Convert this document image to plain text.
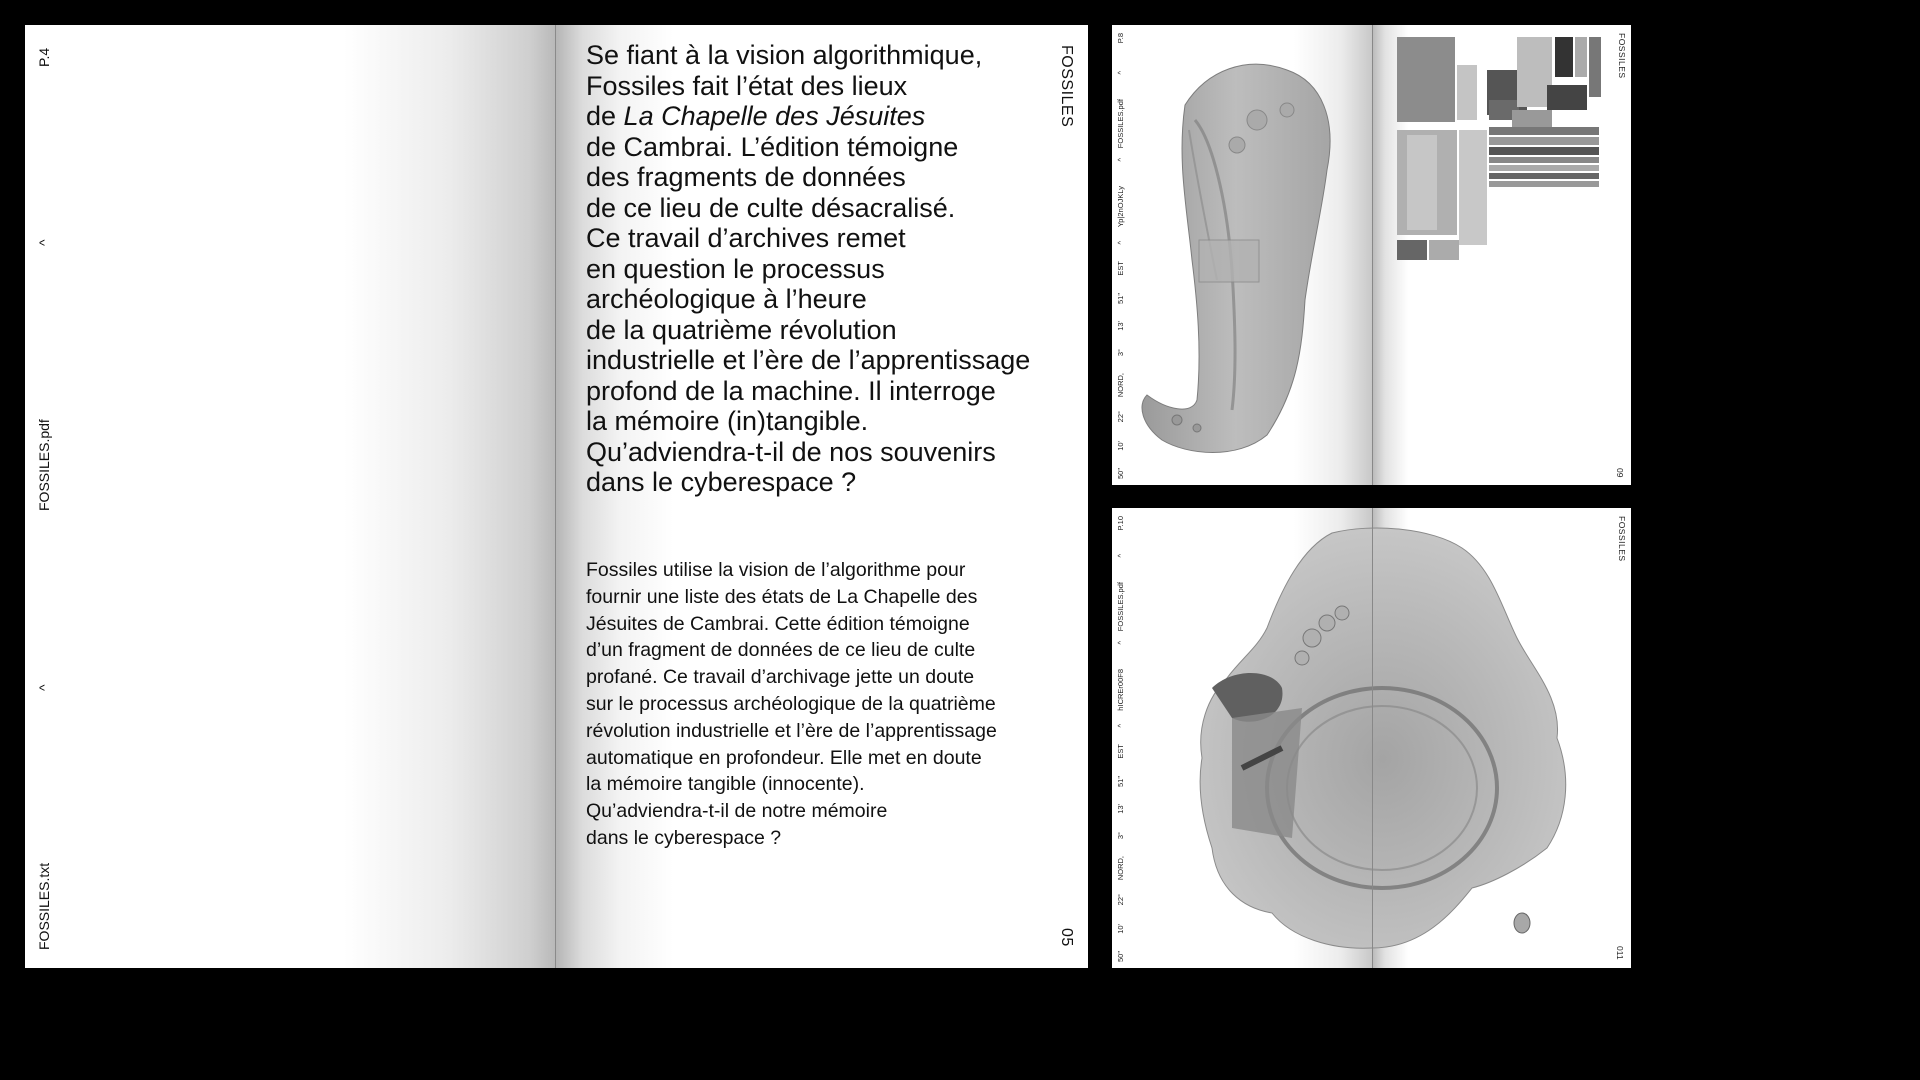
P.4
^
FOSSILES.pdf
^
FOSSILES.txt
FOSSILES
05

Se fiant à la vision algorithmique,

Fossiles fait l’état des lieux

de La Chapelle des Jésuites

de Cambrai. L’édition témoigne

des fragments de données

de ce lieu de culte désacralisé.

Ce travail d’archives remet

en question le processus

archéologique à l’heure

de la quatrième révolution

industrielle et l’ère de l’apprentissage

profond de la machine. Il interroge

la mémoire (in)tangible.

Qu’adviendra-t-il de nos souvenirs

dans le cyberespace ?

Fossiles utilise la vision de l’algorithme pour

fournir une liste des états de La Chapelle des

Jésuites de Cambrai. Cette édition témoigne

d’un fragment de données de ce lieu de culte

profané. Ce travail d’archivage jette un doute

sur le processus archéologique de la quatrième

révolution industrielle et l’ère de l’apprentissage

automatique en profondeur. Elle met en doute

la mémoire tangible (innocente).

Qu’adviendra-t-il de notre mémoire

dans le cyberespace ?

P.8
^
FOSSILES.pdf
^
Yp|2nOJKLy
^
EST
51"
13'
3°
NORD,
22°
10'
50"
FOSSILES
09
P.10
^
FOSSILES.pdf
^
hICREr00F8
^
EST
51"
13'
3°
NORD,
22°
10'
50"
FOSSILES
011
